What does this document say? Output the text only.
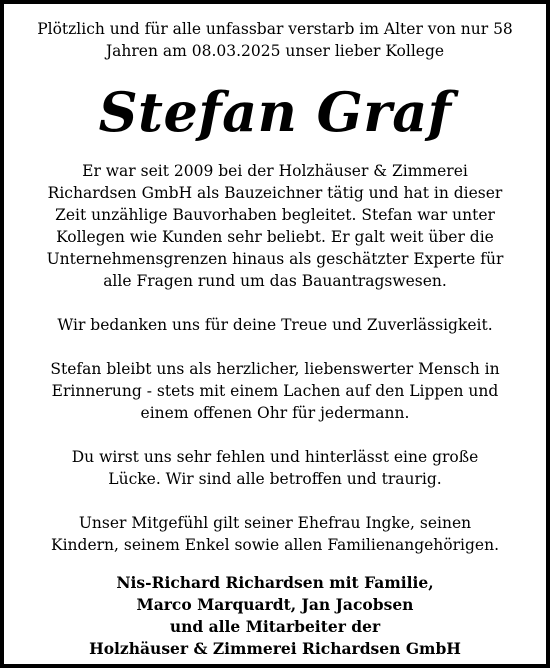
Plötzlich und für alle unfassbar verstarb im Alter von nur 58

Jahren am 08.03.2025 unser lieber Kollege

Stefan Graf

Er war seit 2009 bei der Holzhäuser & Zimmerei

Richardsen GmbH als Bauzeichner tätig und hat in dieser

Zeit unzählige Bauvorhaben begleitet. Stefan war unter

Kollegen wie Kunden sehr beliebt. Er galt weit über die

Unternehmensgrenzen hinaus als geschätzter Experte für

alle Fragen rund um das Bauantragswesen.

Wir bedanken uns für deine Treue und Zuverlässigkeit.

Stefan bleibt uns als herzlicher, liebenswerter Mensch in

Erinnerung - stets mit einem Lachen auf den Lippen und

einem offenen Ohr für jedermann.

Du wirst uns sehr fehlen und hinterlässt eine große

Lücke. Wir sind alle betroffen und traurig.

Unser Mitgefühl gilt seiner Ehefrau Ingke, seinen

Kindern, seinem Enkel sowie allen Familienangehörigen.

Nis-Richard Richardsen mit Familie,

Marco Marquardt, Jan Jacobsen

und alle Mitarbeiter der

Holzhäuser & Zimmerei Richardsen GmbH
